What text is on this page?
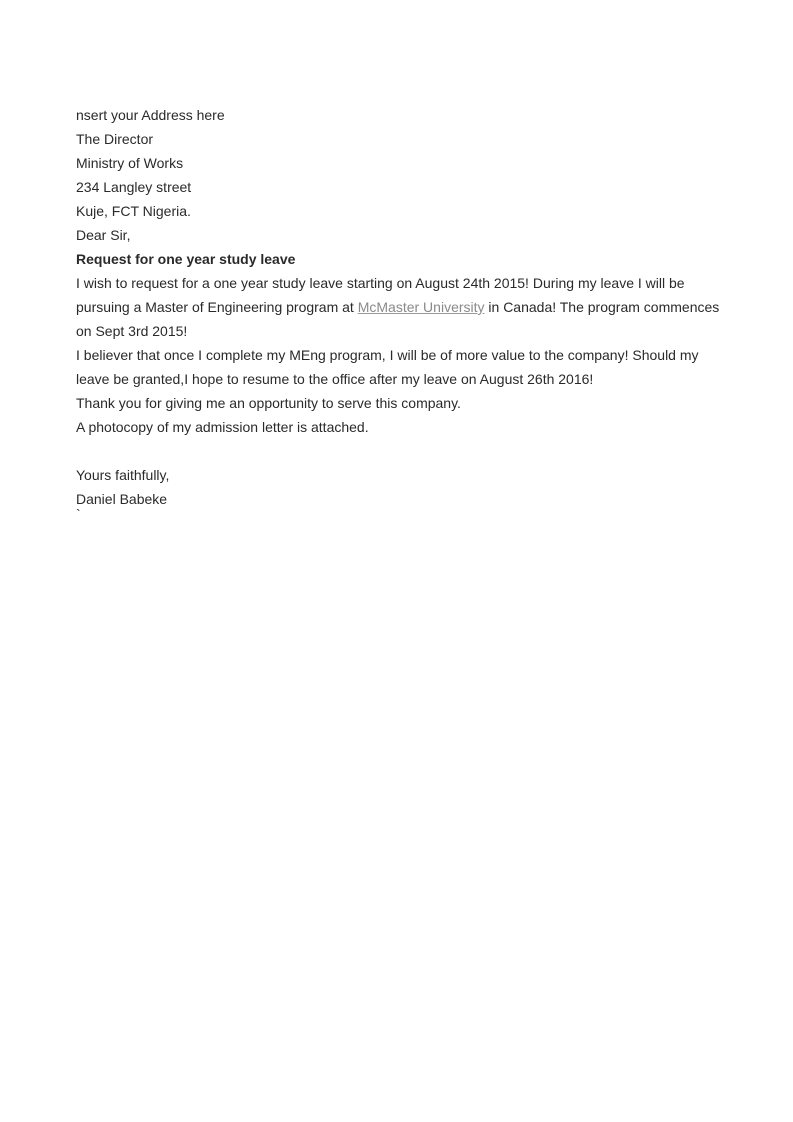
nsert your Address here

The Director

Ministry of Works

234 Langley street

Kuje, FCT Nigeria.

Dear Sir,

Request for one year study leave

I wish to request for a one year study leave starting on August 24th 2015! During my leave I will be pursuing a Master of Engineering program at McMaster University in Canada! The program commences on Sept 3rd 2015!

I believer that once I complete my MEng program, I will be of more value to the company! Should my leave be granted,I hope to resume to the office after my leave on August 26th 2016!

Thank you for giving me an opportunity to serve this company.

A photocopy of my admission letter is attached.

Yours faithfully,

Daniel Babeke

`
